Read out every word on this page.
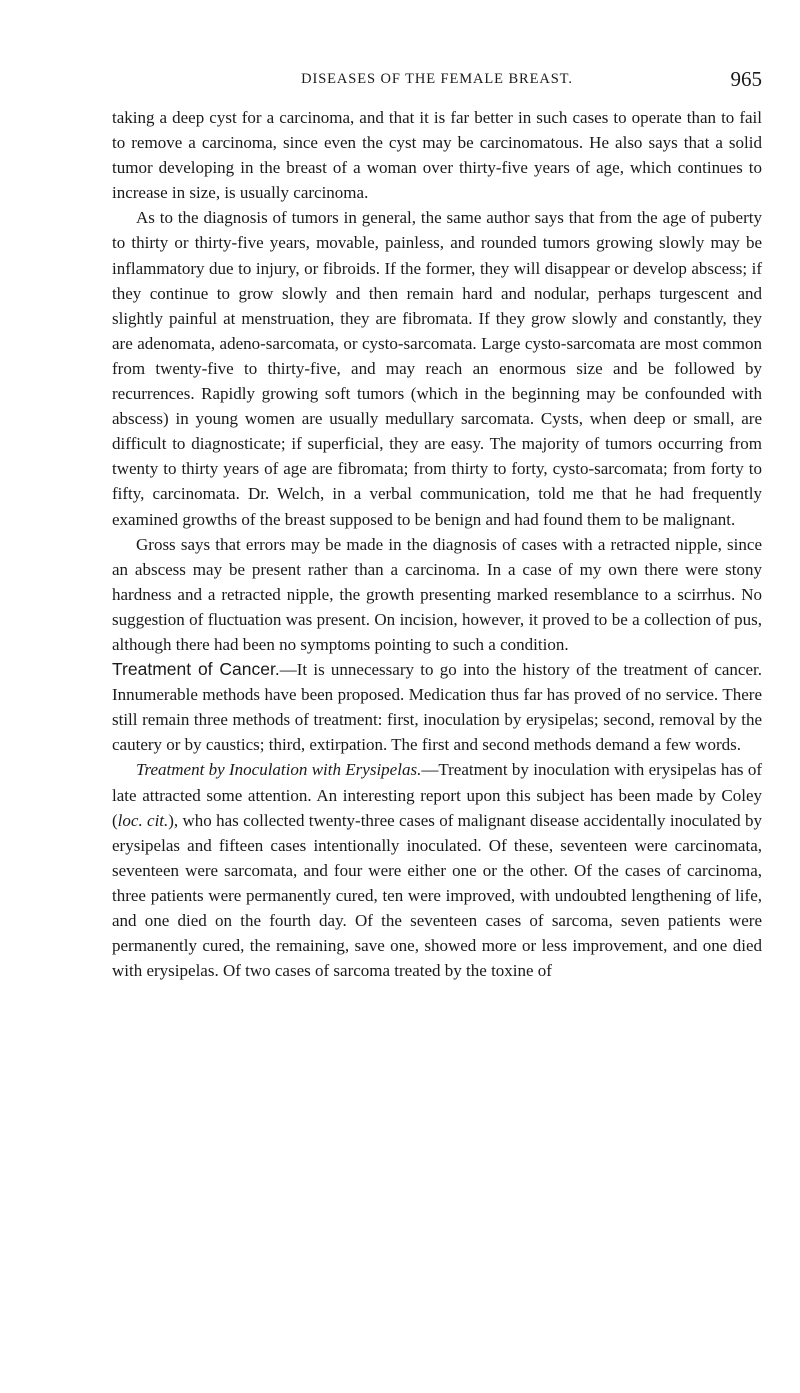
DISEASES OF THE FEMALE BREAST.	965

taking a deep cyst for a carcinoma, and that it is far better in such cases to operate than to fail to remove a carcinoma, since even the cyst may be carcinomatous. He also says that a solid tumor developing in the breast of a woman over thirty-five years of age, which continues to increase in size, is usually carcinoma.

As to the diagnosis of tumors in general, the same author says that from the age of puberty to thirty or thirty-five years, movable, painless, and rounded tumors growing slowly may be inflammatory due to injury, or fibroids. If the former, they will disappear or develop abscess; if they continue to grow slowly and then remain hard and nodular, perhaps turgescent and slightly painful at menstruation, they are fibromata. If they grow slowly and constantly, they are adenomata, adeno-sarcomata, or cysto-sarcomata. Large cysto-sarcomata are most common from twenty-five to thirty-five, and may reach an enormous size and be followed by recurrences. Rapidly growing soft tumors (which in the beginning may be confounded with abscess) in young women are usually medullary sarcomata. Cysts, when deep or small, are difficult to diagnosticate; if superficial, they are easy. The majority of tumors occurring from twenty to thirty years of age are fibromata; from thirty to forty, cysto-sarcomata; from forty to fifty, carcinomata. Dr. Welch, in a verbal communication, told me that he had frequently examined growths of the breast supposed to be benign and had found them to be malignant.

Gross says that errors may be made in the diagnosis of cases with a retracted nipple, since an abscess may be present rather than a carcinoma. In a case of my own there were stony hardness and a retracted nipple, the growth presenting marked resemblance to a scirrhus. No suggestion of fluctuation was present. On incision, however, it proved to be a collection of pus, although there had been no symptoms pointing to such a condition.

Treatment of Cancer.—It is unnecessary to go into the history of the treatment of cancer. Innumerable methods have been proposed. Medication thus far has proved of no service. There still remain three methods of treatment: first, inoculation by erysipelas; second, removal by the cautery or by caustics; third, extirpation. The first and second methods demand a few words.

Treatment by Inoculation with Erysipelas.—Treatment by inoculation with erysipelas has of late attracted some attention. An interesting report upon this subject has been made by Coley (loc. cit.), who has collected twenty-three cases of malignant disease accidentally inoculated by erysipelas and fifteen cases intentionally inoculated. Of these, seventeen were carcinomata, seventeen were sarcomata, and four were either one or the other. Of the cases of carcinoma, three patients were permanently cured, ten were improved, with undoubted lengthening of life, and one died on the fourth day. Of the seventeen cases of sarcoma, seven patients were permanently cured, the remaining, save one, showed more or less improvement, and one died with erysipelas. Of two cases of sarcoma treated by the toxine of
